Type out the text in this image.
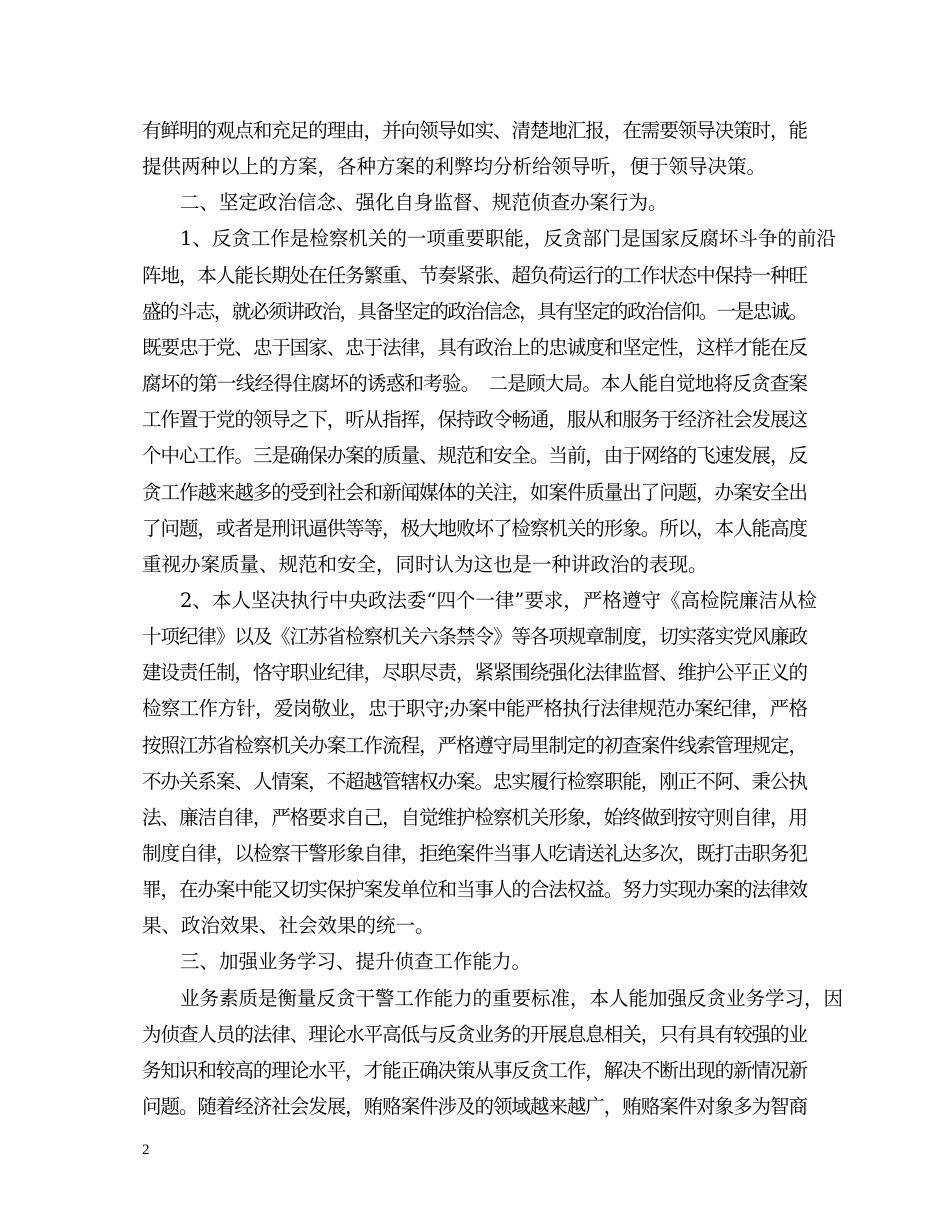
有鲜明的观点和充足的理由，并向领导如实、清楚地汇报，在需要领导决策时，能
提供两种以上的方案，各种方案的利弊均分析给领导听，便于领导决策。
二、坚定政治信念、强化自身监督、规范侦查办案行为。
1、反贪工作是检察机关的一项重要职能，反贪部门是国家反腐坏斗争的前沿
阵地，本人能长期处在任务繁重、节奏紧张、超负荷运行的工作状态中保持一种旺
盛的斗志，就必须讲政治，具备坚定的政治信念，具有坚定的政治信仰。一是忠诚。
既要忠于党、忠于国家、忠于法律，具有政治上的忠诚度和坚定性，这样才能在反
腐坏的第一线经得住腐坏的诱惑和考验。　二是顾大局。本人能自觉地将反贪查案
工作置于党的领导之下，听从指挥，保持政令畅通，服从和服务于经济社会发展这
个中心工作。三是确保办案的质量、规范和安全。当前，由于网络的飞速发展，反
贪工作越来越多的受到社会和新闻媒体的关注，如案件质量出了问题，办案安全出
了问题，或者是刑讯逼供等等，极大地败坏了检察机关的形象。所以，本人能高度
重视办案质量、规范和安全，同时认为这也是一种讲政治的表现。
2、本人坚决执行中央政法委“四个一律”要求，严格遵守《高检院廉洁从检
十项纪律》以及《江苏省检察机关六条禁令》等各项规章制度，切实落实党风廉政
建设责任制，恪守职业纪律，尽职尽责，紧紧围绕强化法律监督、维护公平正义的
检察工作方针，爱岗敬业，忠于职守;办案中能严格执行法律规范办案纪律，严格
按照江苏省检察机关办案工作流程，严格遵守局里制定的初查案件线索管理规定，
不办关系案、人情案，不超越管辖权办案。忠实履行检察职能，刚正不阿、秉公执
法、廉洁自律，严格要求自己，自觉维护检察机关形象，始终做到按守则自律，用
制度自律，以检察干警形象自律，拒绝案件当事人吃请送礼达多次，既打击职务犯
罪，在办案中能又切实保护案发单位和当事人的合法权益。努力实现办案的法律效
果、政治效果、社会效果的统一。
三、加强业务学习、提升侦查工作能力。
业务素质是衡量反贪干警工作能力的重要标准，本人能加强反贪业务学习，因
为侦查人员的法律、理论水平高低与反贪业务的开展息息相关，只有具有较强的业
务知识和较高的理论水平，才能正确决策从事反贪工作，解决不断出现的新情况新
问题。随着经济社会发展，贿赂案件涉及的领域越来越广，贿赂案件对象多为智商
2
